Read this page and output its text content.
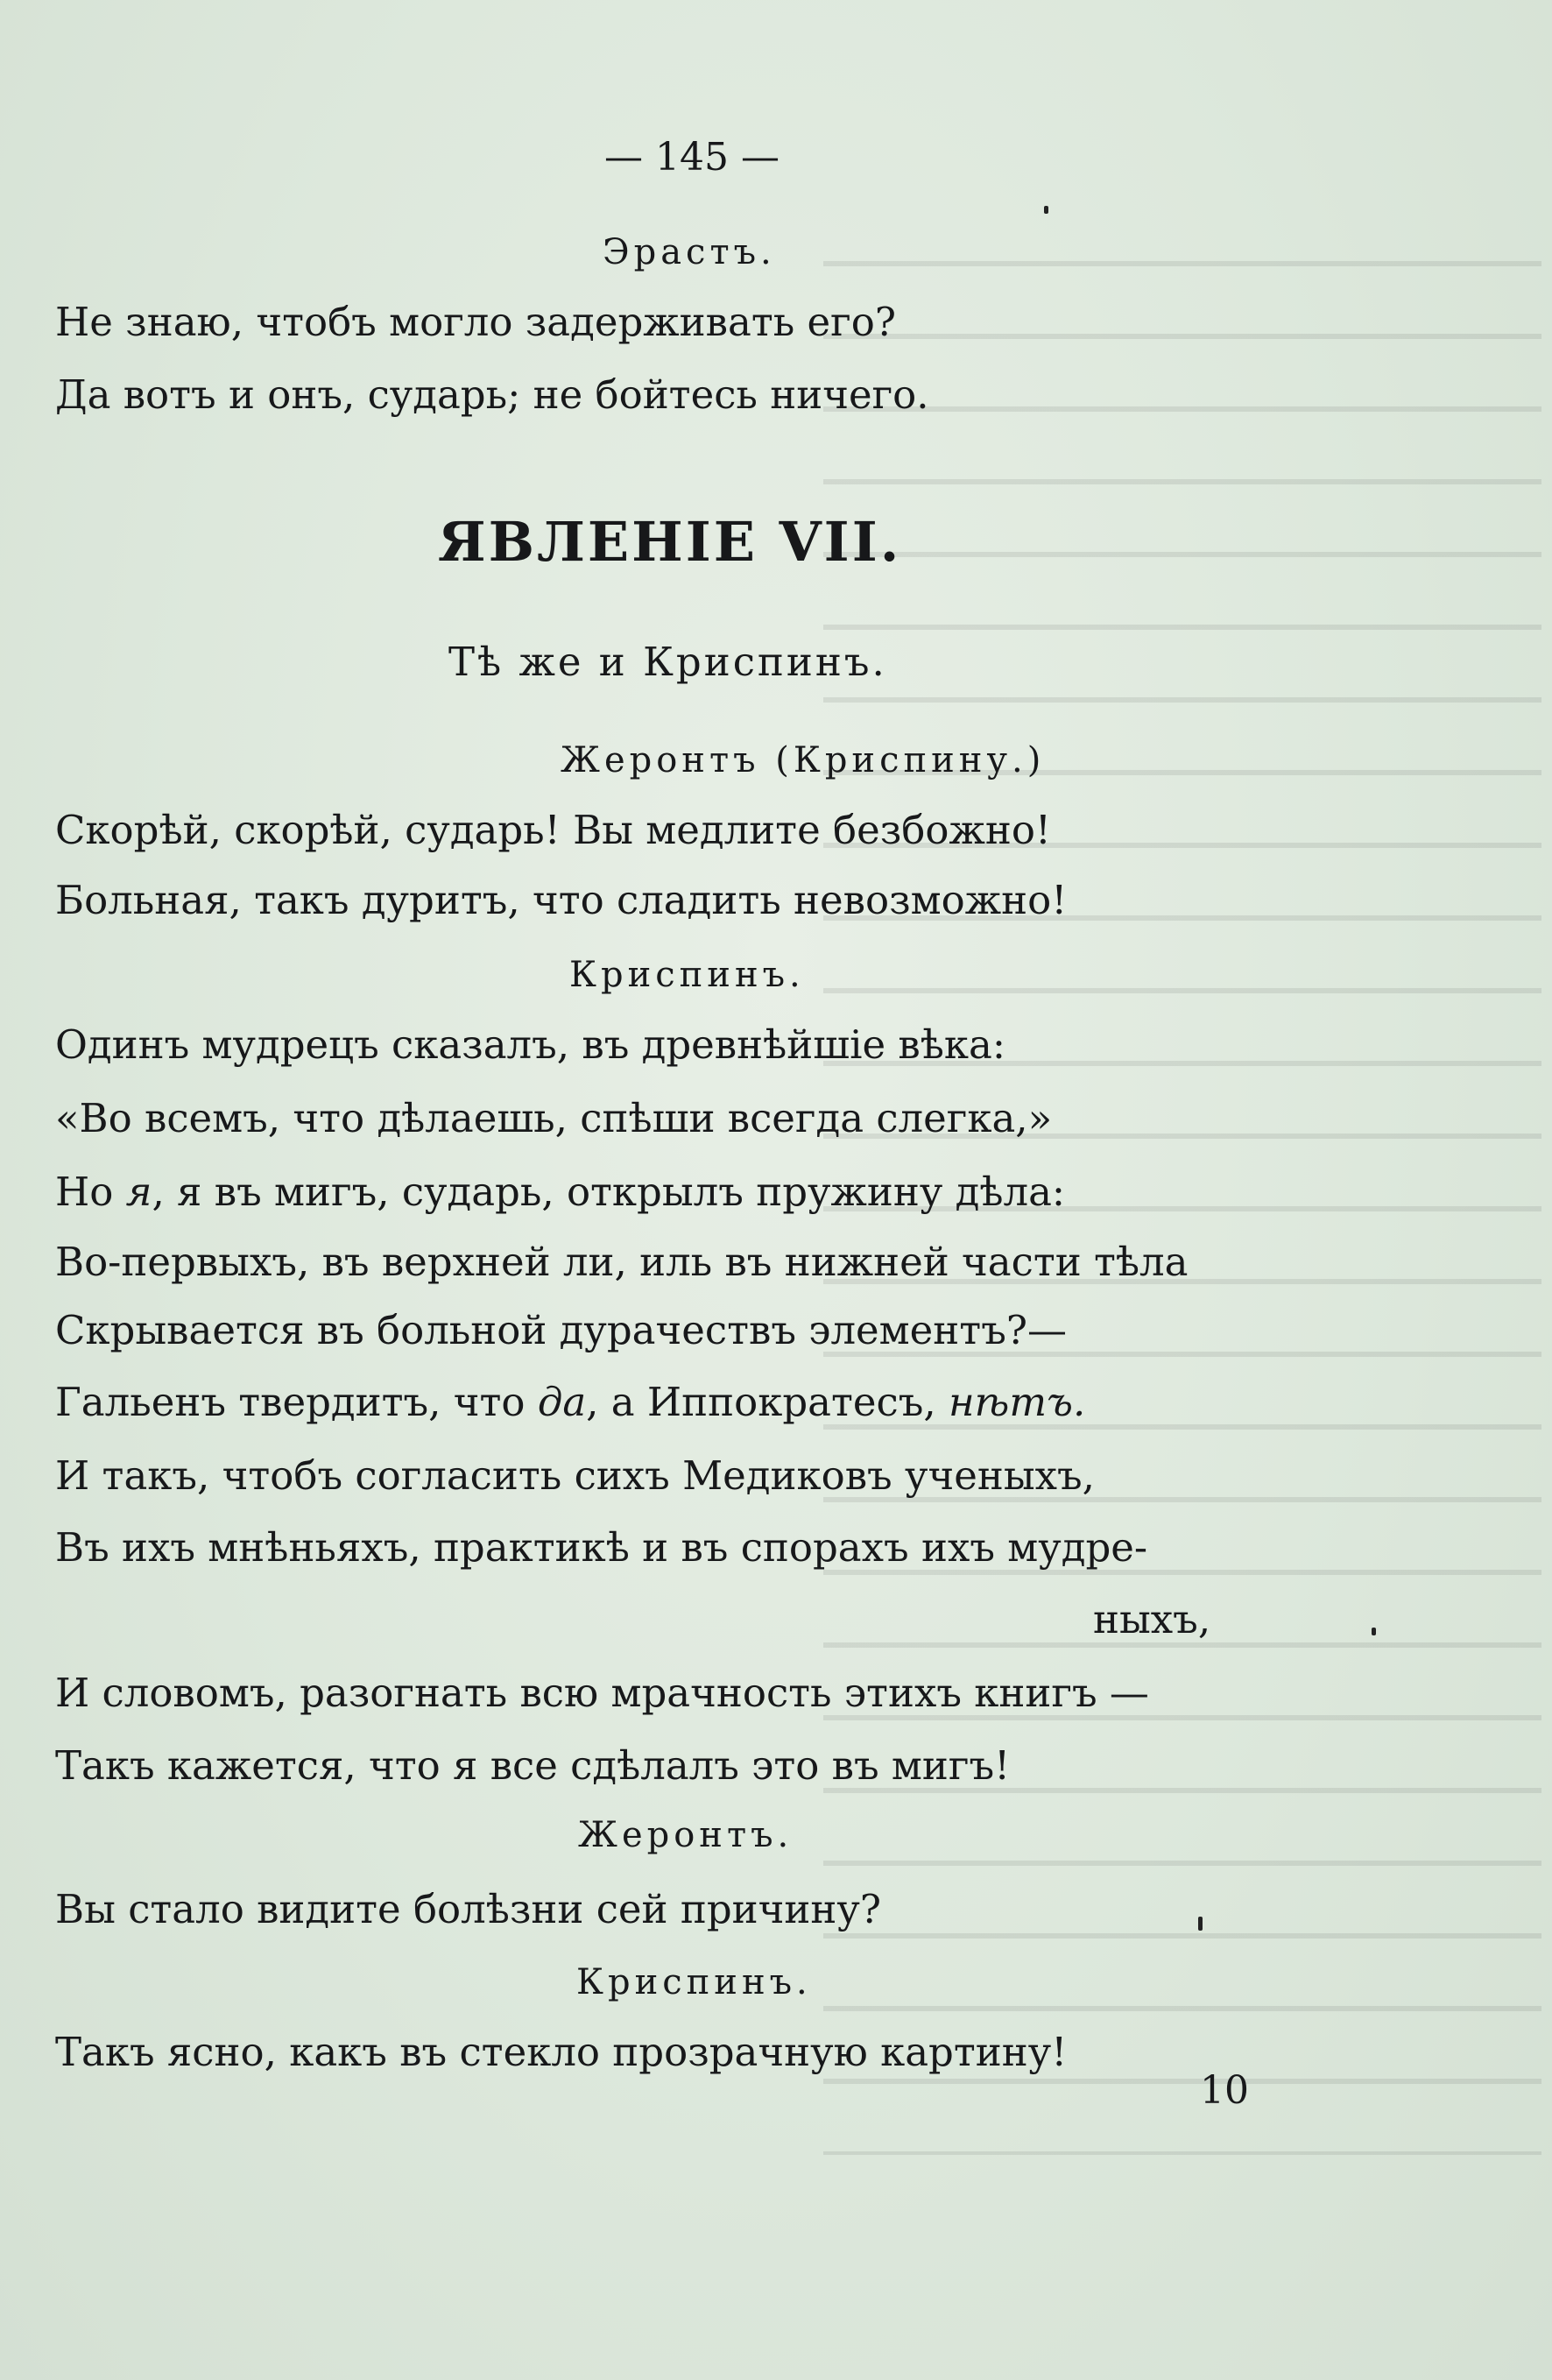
— 145 —
Эрастъ.
Не знаю, чтобъ могло задерживать его?
Да вотъ и онъ, сударь; не бойтесь ничего.
ЯВЛЕНІЕ VII.
Тѣ же и Криспинъ.
Жеронтъ (Криспину.)
Скорѣй, скорѣй, сударь! Вы медлите безбожно!
Больная, такъ дуритъ, что сладить невозможно!
Криспинъ.
Одинъ мудрецъ сказалъ, въ древнѣйшіе вѣка:
«Во всемъ, что дѣлаешь, спѣши всегда слегка,»
Но я, я въ мигъ, сударь, открылъ пружину дѣла:
Во-первыхъ, въ верхней ли, иль въ нижней части тѣла
Скрывается въ больной дурачествъ элементъ?—
Гальенъ твердитъ, что да, а Иппократесъ, нѣтъ.
И такъ, чтобъ согласить сихъ Медиковъ ученыхъ,
Въ ихъ мнѣньяхъ, практикѣ и въ спорахъ ихъ мудре-
ныхъ,
И словомъ, разогнать всю мрачность этихъ книгъ —
Такъ кажется, что я все сдѣлалъ это въ мигъ!
Жеронтъ.
Вы стало видите болѣзни сей причину?
Криспинъ.
Такъ ясно, какъ въ стекло прозрачную картину!
10
